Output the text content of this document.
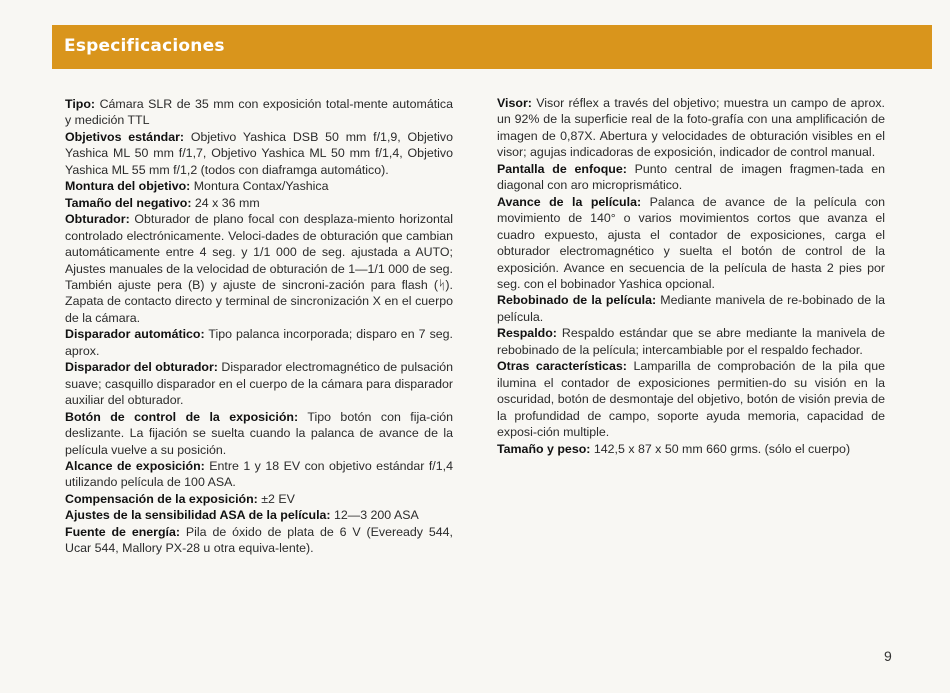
Especificaciones

Tipo: Cámara SLR de 35 mm con exposición total-mente automática y medición TTL

Objetivos estándar: Objetivo Yashica DSB 50 mm f/1,9, Objetivo Yashica ML 50 mm f/1,7, Objetivo Yashica ML 50 mm f/1,4, Objetivo Yashica ML 55 mm f/1,2 (todos con diaframga automático).

Montura del objetivo: Montura Contax/Yashica

Tamaño del negativo: 24 x 36 mm

Obturador: Obturador de plano focal con desplaza-miento horizontal controlado electrónicamente. Veloci-dades de obturación que cambian automáticamente entre 4 seg. y 1/1 000 de seg. ajustada a AUTO; Ajustes manuales de la velocidad de obturación de 1—1/1 000 de seg. También ajuste pera (B) y ajuste de sincroni-zación para flash (ᛋ). Zapata de contacto directo y terminal de sincronización X en el cuerpo de la cámara.

Disparador automático: Tipo palanca incorporada; disparo en 7 seg. aprox.

Disparador del obturador: Disparador electromagnético de pulsación suave; casquillo disparador en el cuerpo de la cámara para disparador auxiliar del obturador.

Botón de control de la exposición: Tipo botón con fija-ción deslizante. La fijación se suelta cuando la palanca de avance de la película vuelve a su posición.

Alcance de exposición: Entre 1 y 18 EV con objetivo estándar f/1,4 utilizando película de 100 ASA.

Compensación de la exposición: ±2 EV

Ajustes de la sensibilidad ASA de la película: 12—3 200 ASA

Fuente de energía: Pila de óxido de plata de 6 V (Eveready 544, Ucar 544, Mallory PX-28 u otra equiva-lente).

Visor: Visor réflex a través del objetivo; muestra un campo de aprox. un 92% de la superficie real de la foto-grafía con una amplificación de imagen de 0,87X. Abertura y velocidades de obturación visibles en el visor; agujas indicadoras de exposición, indicador de control manual.

Pantalla de enfoque: Punto central de imagen fragmen-tada en diagonal con aro microprismático.

Avance de la película: Palanca de avance de la película con movimiento de 140° o varios movimientos cortos que avanza el cuadro expuesto, ajusta el contador de exposiciones, carga el obturador electromagnético y suelta el botón de control de la exposición. Avance en secuencia de la película de hasta 2 pies por seg. con el bobinador Yashica opcional.

Rebobinado de la película: Mediante manivela de re-bobinado de la película.

Respaldo: Respaldo estándar que se abre mediante la manivela de rebobinado de la película; intercambiable por el respaldo fechador.

Otras características: Lamparilla de comprobación de la pila que ilumina el contador de exposiciones permitien-do su visión en la oscuridad, botón de desmontaje del objetivo, botón de visión previa de la profundidad de campo, soporte ayuda memoria, capacidad de exposi-ción multiple.

Tamaño y peso: 142,5 x 87 x 50 mm 660 grms. (sólo el cuerpo)

9
